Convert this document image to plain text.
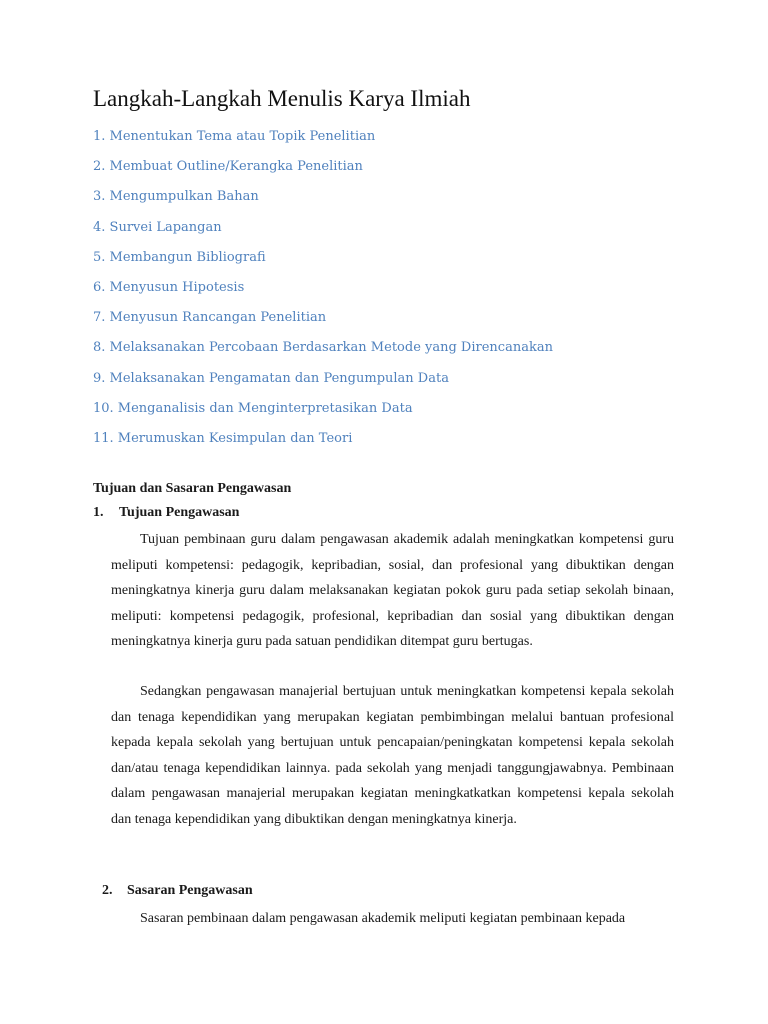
Langkah-Langkah Menulis Karya Ilmiah
1. Menentukan Tema atau Topik Penelitian
2. Membuat Outline/Kerangka Penelitian
3. Mengumpulkan Bahan
4. Survei Lapangan
5. Membangun Bibliografi
6. Menyusun Hipotesis
7. Menyusun Rancangan Penelitian
8. Melaksanakan Percobaan Berdasarkan Metode yang Direncanakan
9. Melaksanakan Pengamatan dan Pengumpulan Data
10. Menganalisis dan Menginterpretasikan Data
11. Merumuskan Kesimpulan dan Teori
Tujuan dan Sasaran Pengawasan
1. Tujuan Pengawasan

Tujuan pembinaan guru dalam pengawasan akademik adalah meningkatkan kompetensi guru meliputi kompetensi: pedagogik, kepribadian, sosial, dan profesional yang dibuktikan dengan meningkatnya kinerja guru dalam melaksanakan kegiatan pokok guru pada setiap sekolah binaan, meliputi: kompetensi pedagogik, profesional, kepribadian dan sosial yang dibuktikan dengan meningkatnya kinerja guru pada satuan pendidikan ditempat guru bertugas.

Sedangkan pengawasan manajerial bertujuan untuk meningkatkan kompetensi kepala sekolah dan tenaga kependidikan yang merupakan kegiatan pembimbingan melalui bantuan profesional kepada kepala sekolah yang bertujuan untuk pencapaian/peningkatan kompetensi kepala sekolah dan/atau tenaga kependidikan lainnya. pada sekolah yang menjadi tanggungjawabnya. Pembinaan dalam pengawasan manajerial merupakan kegiatan meningkatkatkan kompetensi kepala sekolah dan tenaga kependidikan yang dibuktikan dengan meningkatnya kinerja.

2. Sasaran Pengawasan

Sasaran pembinaan dalam pengawasan akademik meliputi kegiatan pembinaan kepada
